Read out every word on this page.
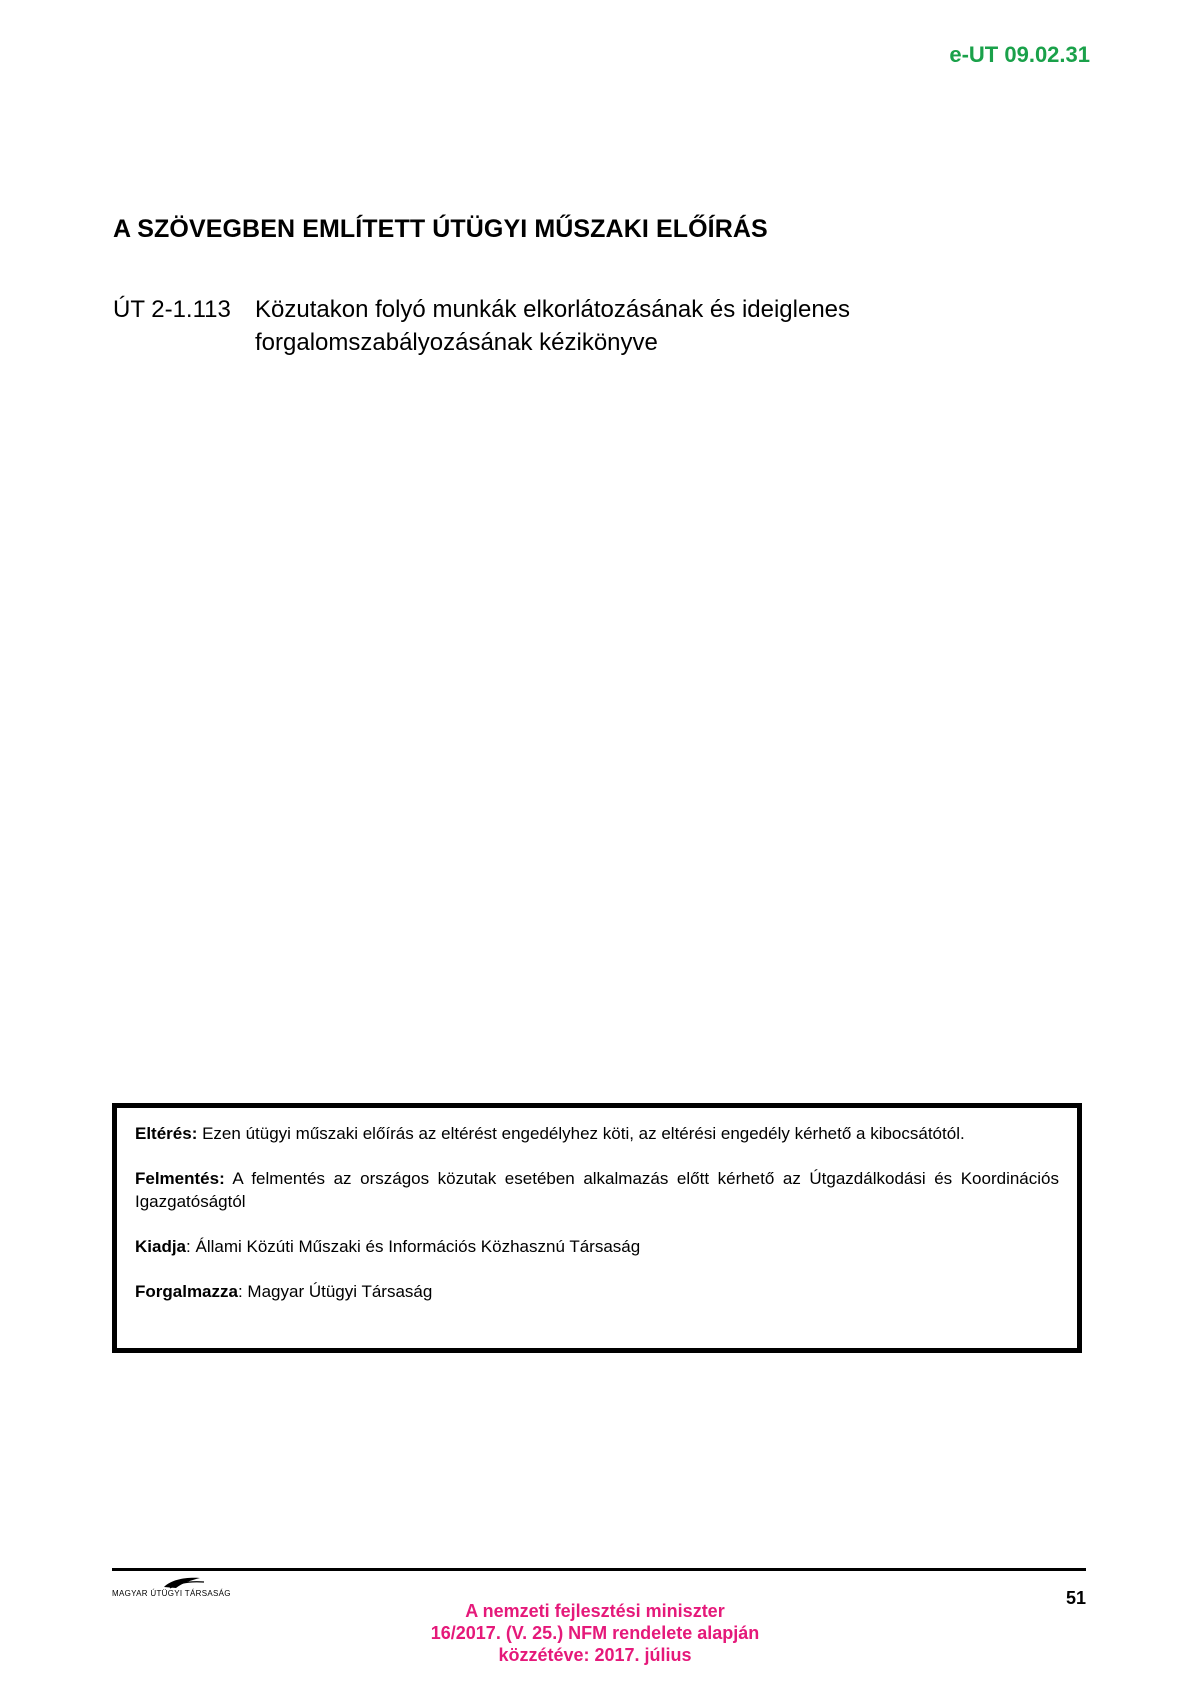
e-UT 09.02.31
A SZÖVEGBEN EMLÍTETT ÚTÜGYI MŰSZAKI ELŐÍRÁS
ÚT 2-1.113	Közutakon folyó munkák elkorlátozásának és ideiglenes forgalomszabályozásának kézikönyve

Eltérés: Ezen útügyi műszaki előírás az eltérést engedélyhez köti, az eltérési engedély kérhető a kibocsátótól.

Felmentés: A felmentés az országos közutak esetében alkalmazás előtt kérhető az Útgazdálkodási és Koordinációs Igazgatóságtól

Kiadja: Állami Közúti Műszaki és Információs Közhasznú Társaság

Forgalmazza: Magyar Útügyi Társaság

MAGYAR ÚTÜGYI TÁRSASÁG	51
A nemzeti fejlesztési miniszter
16/2017. (V. 25.) NFM rendelete alapján
közzétéve: 2017. július
